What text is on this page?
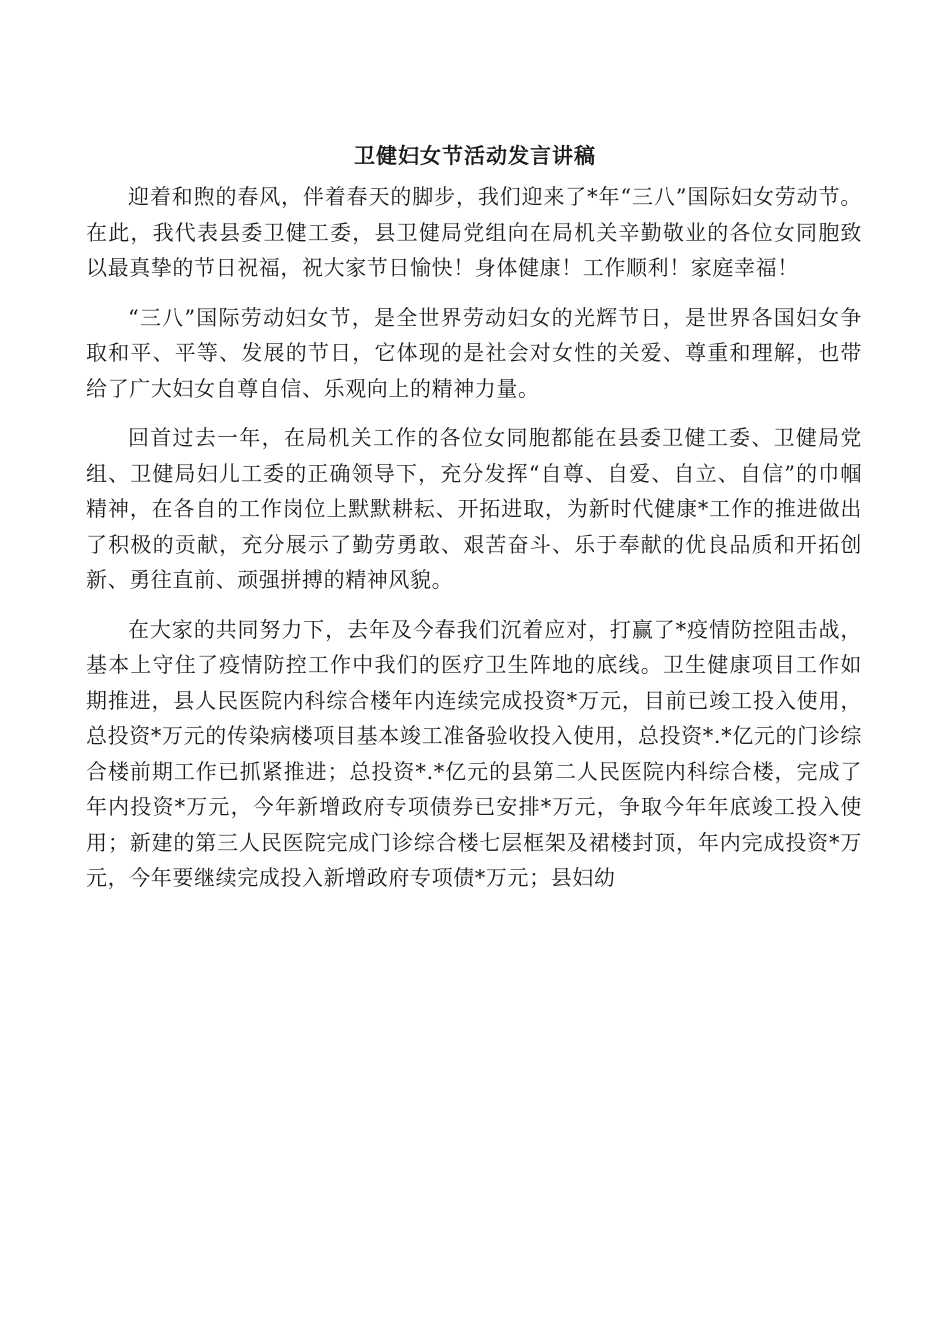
卫健妇女节活动发言讲稿

迎着和煦的春风，伴着春天的脚步，我们迎来了*年“三八”国际妇女劳动节。在此，我代表县委卫健工委，县卫健局党组向在局机关辛勤敬业的各位女同胞致以最真挚的节日祝福，祝大家节日愉快！身体健康！工作顺利！家庭幸福！

“三八”国际劳动妇女节，是全世界劳动妇女的光辉节日，是世界各国妇女争取和平、平等、发展的节日，它体现的是社会对女性的关爱、尊重和理解，也带给了广大妇女自尊自信、乐观向上的精神力量。

回首过去一年，在局机关工作的各位女同胞都能在县委卫健工委、卫健局党组、卫健局妇儿工委的正确领导下，充分发挥“自尊、自爱、自立、自信”的巾帼精神，在各自的工作岗位上默默耕耘、开拓进取，为新时代健康*工作的推进做出了积极的贡献，充分展示了勤劳勇敢、艰苦奋斗、乐于奉献的优良品质和开拓创新、勇往直前、顽强拼搏的精神风貌。

在大家的共同努力下，去年及今春我们沉着应对，打赢了*疫情防控阻击战，基本上守住了疫情防控工作中我们的医疗卫生阵地的底线。卫生健康项目工作如期推进，县人民医院内科综合楼年内连续完成投资*万元，目前已竣工投入使用，总投资*万元的传染病楼项目基本竣工准备验收投入使用，总投资*.*亿元的门诊综合楼前期工作已抓紧推进；总投资*.*亿元的县第二人民医院内科综合楼，完成了年内投资*万元，今年新增政府专项债券已安排*万元，争取今年年底竣工投入使用；新建的第三人民医院完成门诊综合楼七层框架及裙楼封顶，年内完成投资*万元，今年要继续完成投入新增政府专项债*万元；县妇幼
